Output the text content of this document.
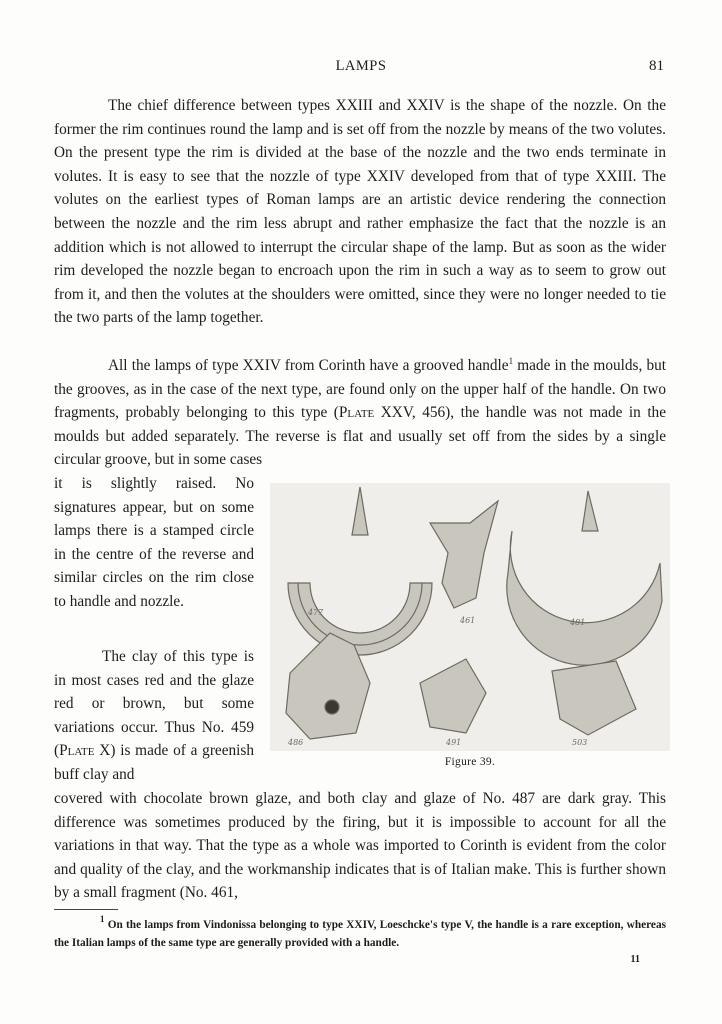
LAMPS	81

The chief difference between types XXIII and XXIV is the shape of the nozzle. On the former the rim continues round the lamp and is set off from the nozzle by means of the two volutes. On the present type the rim is divided at the base of the nozzle and the two ends terminate in volutes. It is easy to see that the nozzle of type XXIV developed from that of type XXIII. The volutes on the earliest types of Roman lamps are an artistic device rendering the connection between the nozzle and the rim less abrupt and rather emphasize the fact that the nozzle is an addition which is not allowed to interrupt the circular shape of the lamp. But as soon as the wider rim developed the nozzle began to encroach upon the rim in such a way as to seem to grow out from it, and then the volutes at the shoulders were omitted, since they were no longer needed to tie the two parts of the lamp together.

All the lamps of type XXIV from Corinth have a grooved handle$^1$ made in the moulds, but the grooves, as in the case of the next type, are found only on the upper half of the handle. On two fragments, probably belonging to this type (Plate XXV, 456), the handle was not made in the moulds but added separately. The reverse is flat and usually set off from the sides by a single circular groove, but in some cases

it is slightly raised. No signatures appear, but on some lamps there is a stamped circle in the centre of the reverse and similar circles on the rim close to handle and nozzle.

The clay of this type is in most cases red and the glaze red or brown, but some variations occur. Thus No. 459 (Plate X) is made of a greenish buff clay and

covered with chocolate brown glaze, and both clay and glaze of No. 487 are dark gray. This difference was sometimes produced by the firing, but it is impossible to account for all the variations in that way. That the type as a whole was imported to Corinth is evident from the color and quality of the clay, and the workmanship indicates that is of Italian make. This is further shown by a small fragment (No. 461,

477
461	481
486	491	503
Figure 39.

$^1$ On the lamps from Vindonissa belonging to type XXIV, Loeschcke's type V, the handle is a rare exception, whereas the Italian lamps of the same type are generally provided with a handle.

11
